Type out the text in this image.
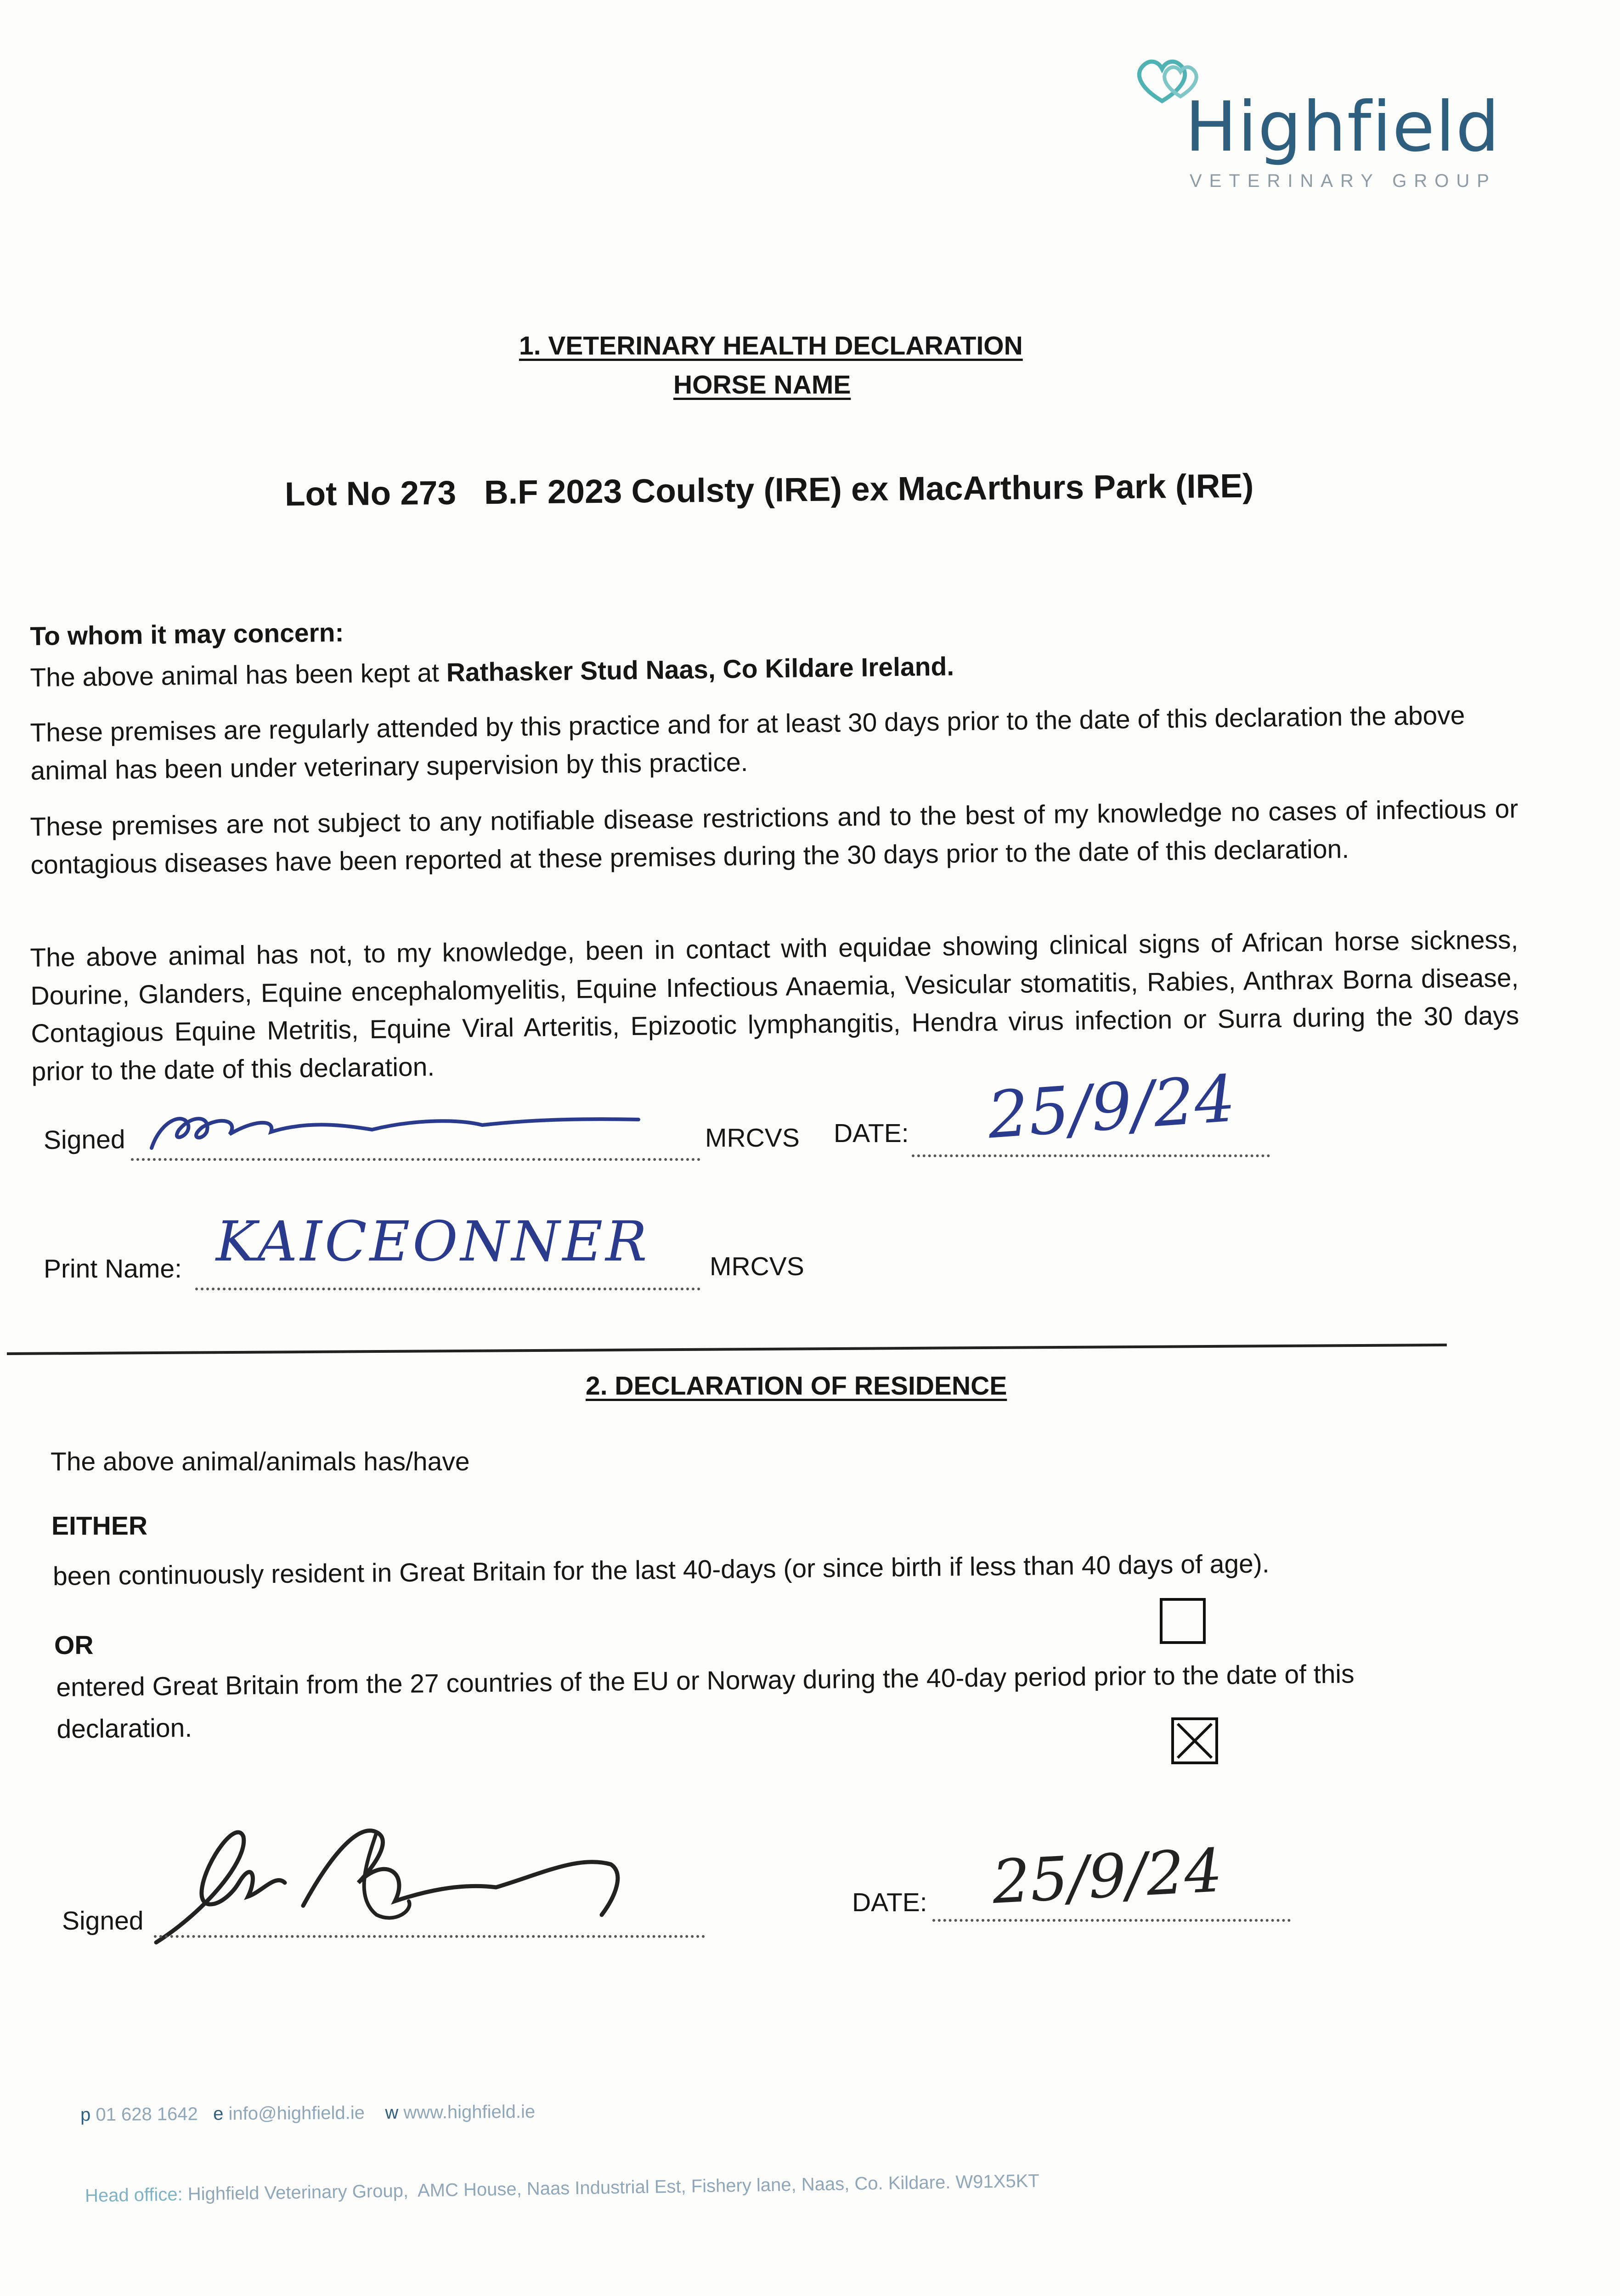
Highfield
VETERINARY GROUP
1. VETERINARY HEALTH DECLARATION
HORSE NAME
Lot No 273   B.F 2023 Coulsty (IRE) ex MacArthurs Park (IRE)
To whom it may concern:
The above animal has been kept at Rathasker Stud Naas, Co Kildare Ireland.
These premises are regularly attended by this practice and for at least 30 days prior to the date of this declaration the above animal has been under veterinary supervision by this practice.
These premises are not subject to any notifiable disease restrictions and to the best of my knowledge no cases of infectious or contagious diseases have been reported at these premises during the 30 days prior to the date of this declaration.
The above animal has not, to my knowledge, been in contact with equidae showing clinical signs of African horse sickness, Dourine, Glanders, Equine encephalomyelitis, Equine Infectious Anaemia, Vesicular stomatitis, Rabies, Anthrax Borna disease, Contagious Equine Metritis, Equine Viral Arteritis, Epizootic lymphangitis, Hendra virus infection or Surra during the 30 days prior to the date of this declaration.
Signed	MRCVS DATE: 25/9/24
Print Name: KAICEONNER MRCVS
2. DECLARATION OF RESIDENCE
The above animal/animals has/have
EITHER
been continuously resident in Great Britain for the last 40-days (or since birth if less than 40 days of age).
OR
entered Great Britain from the 27 countries of the EU or Norway during the 40-day period prior to the date of this declaration.
Signed
DATE: 25/9/24
p 01 628 1642 e info@highfield.ie w www.highfield.ie
Head office: Highfield Veterinary Group,  AMC House, Naas Industrial Est, Fishery lane, Naas, Co. Kildare. W91X5KT
